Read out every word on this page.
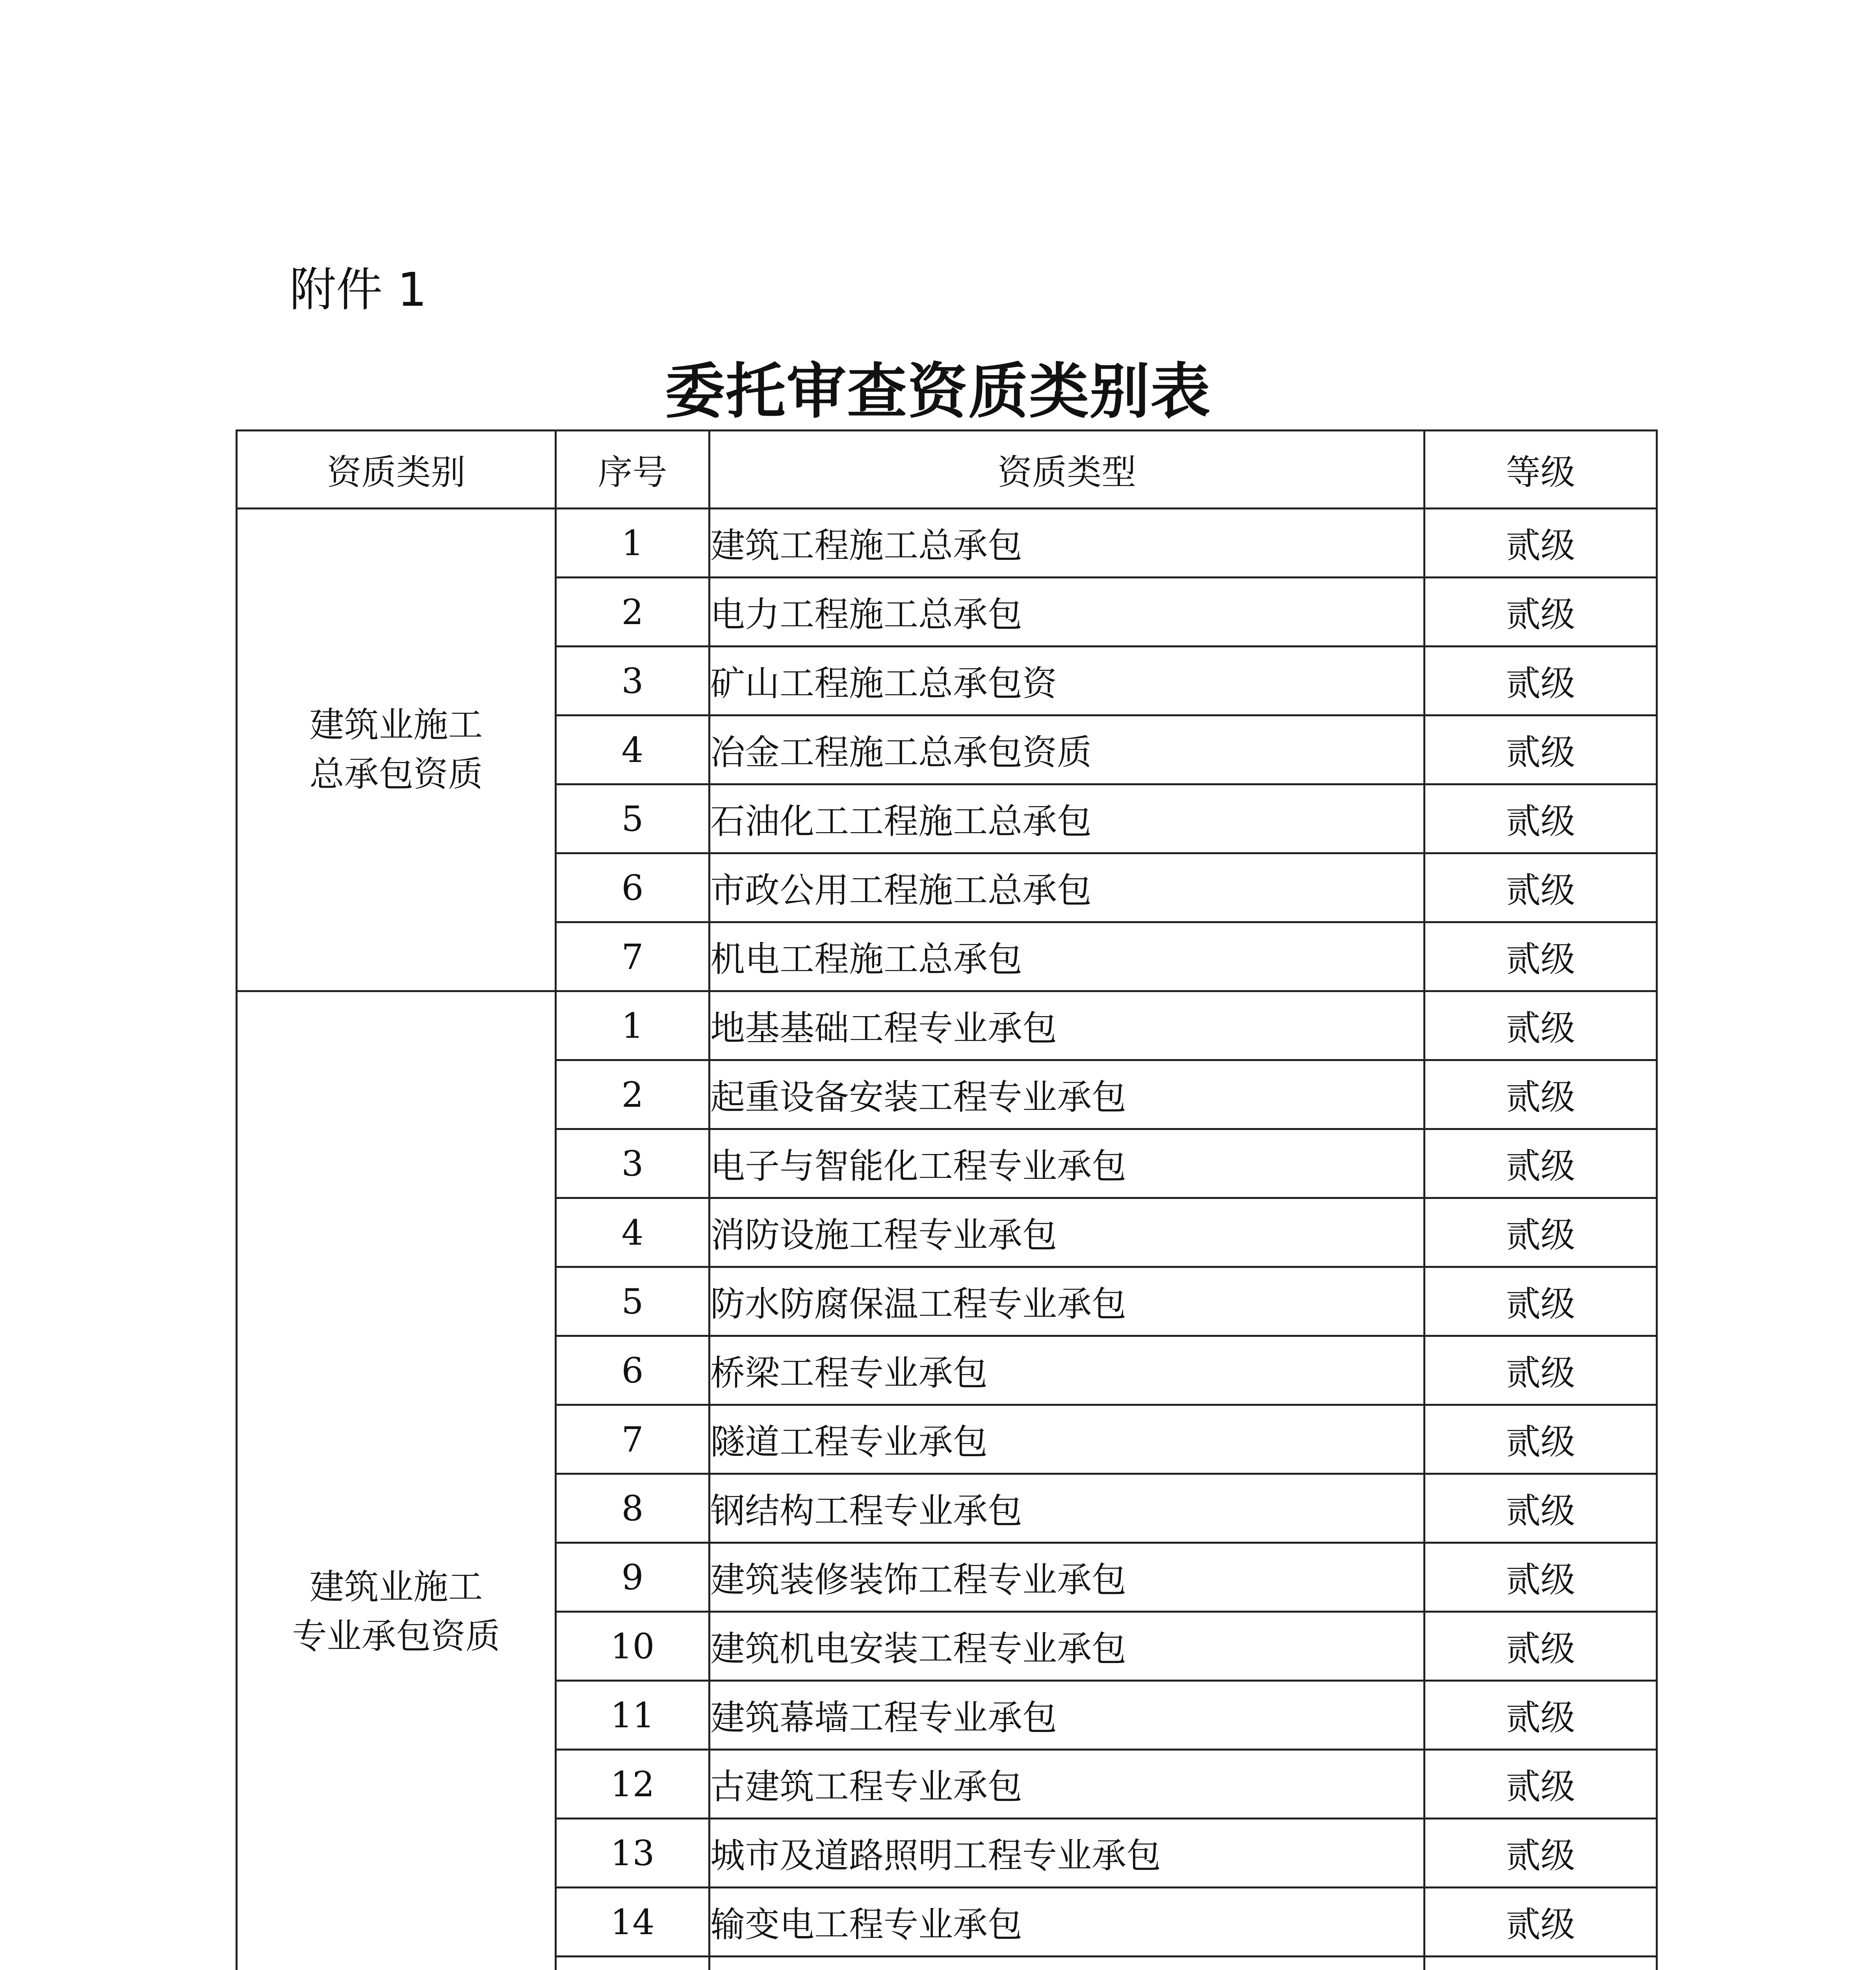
附件 1
委托审查资质类别表
资质类别	序号	资质类型	等级

建筑业施工
总承包资质	1	建筑工程施工总承包	贰级
	2	电力工程施工总承包	贰级
	3	矿山工程施工总承包资	贰级
	4	冶金工程施工总承包资质	贰级
	5	石油化工工程施工总承包	贰级
	6	市政公用工程施工总承包	贰级
	7	机电工程施工总承包	贰级

建筑业施工
专业承包资质	1	地基基础工程专业承包	贰级
	2	起重设备安装工程专业承包	贰级
	3	电子与智能化工程专业承包	贰级
	4	消防设施工程专业承包	贰级
	5	防水防腐保温工程专业承包	贰级
	6	桥梁工程专业承包	贰级
	7	隧道工程专业承包	贰级
	8	钢结构工程专业承包	贰级
	9	建筑装修装饰工程专业承包	贰级
	10	建筑机电安装工程专业承包	贰级
	11	建筑幕墙工程专业承包	贰级
	12	古建筑工程专业承包	贰级
	13	城市及道路照明工程专业承包	贰级
	14	输变电工程专业承包	贰级
